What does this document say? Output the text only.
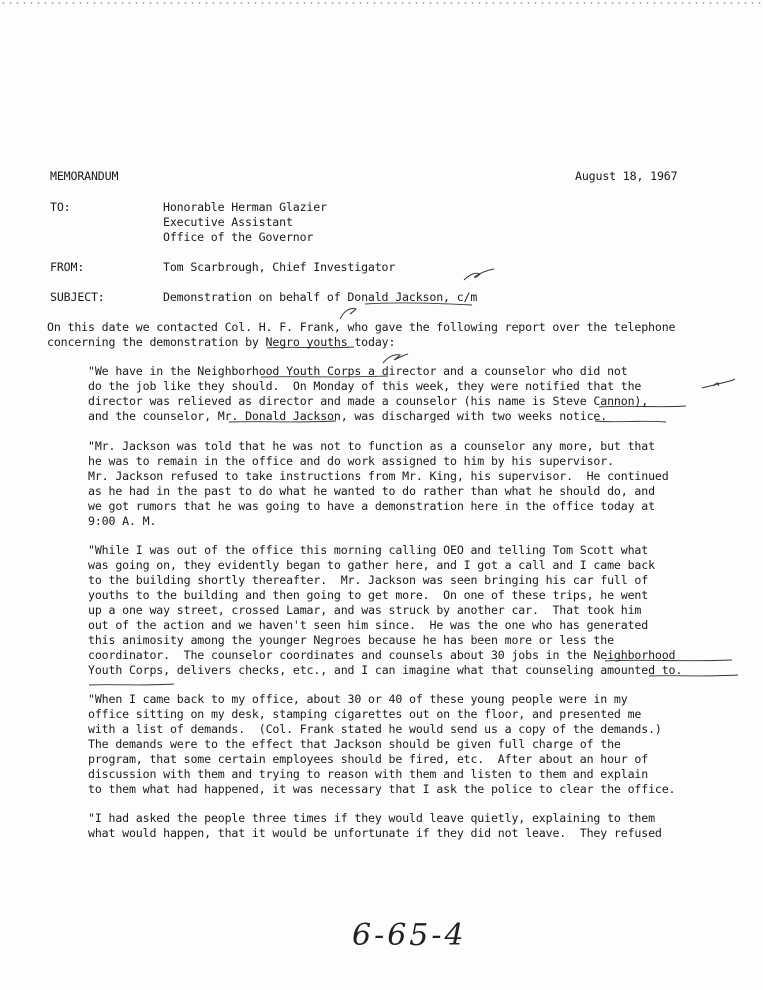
MEMORANDUM	August 18, 1967
TO:	Honorable Herman Glazier
Executive Assistant
Office of the Governor
FROM:	Tom Scarbrough, Chief Investigator
SUBJECT:	Demonstration on behalf of Donald Jackson, c/m
On this date we contacted Col. H. F. Frank, who gave the following report over the telephone
concerning the demonstration by Negro youths today:
"We have in the Neighborhood Youth Corps a director and a counselor who did not
do the job like they should.  On Monday of this week, they were notified that the
director was relieved as director and made a counselor (his name is Steve Cannon),
and the counselor, Mr. Donald Jackson, was discharged with two weeks notice.
"Mr. Jackson was told that he was not to function as a counselor any more, but that
he was to remain in the office and do work assigned to him by his supervisor.
Mr. Jackson refused to take instructions from Mr. King, his supervisor.  He continued
as he had in the past to do what he wanted to do rather than what he should do, and
we got rumors that he was going to have a demonstration here in the office today at
9:00 A. M.
"While I was out of the office this morning calling OEO and telling Tom Scott what
was going on, they evidently began to gather here, and I got a call and I came back
to the building shortly thereafter.  Mr. Jackson was seen bringing his car full of
youths to the building and then going to get more.  On one of these trips, he went
up a one way street, crossed Lamar, and was struck by another car.  That took him
out of the action and we haven't seen him since.  He was the one who has generated
this animosity among the younger Negroes because he has been more or less the
coordinator.  The counselor coordinates and counsels about 30 jobs in the Neighborhood
Youth Corps, delivers checks, etc., and I can imagine what that counseling amounted to.
"When I came back to my office, about 30 or 40 of these young people were in my
office sitting on my desk, stamping cigarettes out on the floor, and presented me
with a list of demands.  (Col. Frank stated he would send us a copy of the demands.)
The demands were to the effect that Jackson should be given full charge of the
program, that some certain employees should be fired, etc.  After about an hour of
discussion with them and trying to reason with them and listen to them and explain
to them what had happened, it was necessary that I ask the police to clear the office.
"I had asked the people three times if they would leave quietly, explaining to them
what would happen, that it would be unfortunate if they did not leave.  They refused
6-65-4
